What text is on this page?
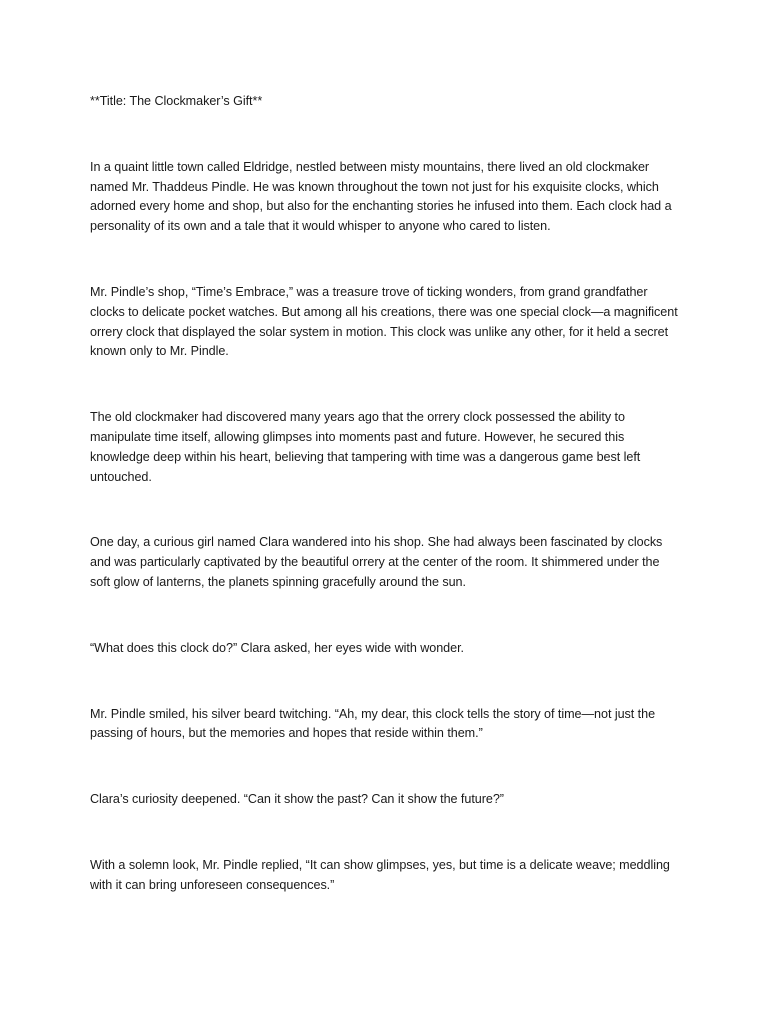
**Title: The Clockmaker’s Gift**

In a quaint little town called Eldridge, nestled between misty mountains, there lived an old clockmaker named Mr. Thaddeus Pindle. He was known throughout the town not just for his exquisite clocks, which adorned every home and shop, but also for the enchanting stories he infused into them. Each clock had a personality of its own and a tale that it would whisper to anyone who cared to listen.

Mr. Pindle’s shop, “Time’s Embrace,” was a treasure trove of ticking wonders, from grand grandfather clocks to delicate pocket watches. But among all his creations, there was one special clock—a magnificent orrery clock that displayed the solar system in motion. This clock was unlike any other, for it held a secret known only to Mr. Pindle.

The old clockmaker had discovered many years ago that the orrery clock possessed the ability to manipulate time itself, allowing glimpses into moments past and future. However, he secured this knowledge deep within his heart, believing that tampering with time was a dangerous game best left untouched.

One day, a curious girl named Clara wandered into his shop. She had always been fascinated by clocks and was particularly captivated by the beautiful orrery at the center of the room. It shimmered under the soft glow of lanterns, the planets spinning gracefully around the sun.

“What does this clock do?” Clara asked, her eyes wide with wonder.

Mr. Pindle smiled, his silver beard twitching. “Ah, my dear, this clock tells the story of time—not just the passing of hours, but the memories and hopes that reside within them.”

Clara’s curiosity deepened. “Can it show the past? Can it show the future?”

With a solemn look, Mr. Pindle replied, “It can show glimpses, yes, but time is a delicate weave; meddling with it can bring unforeseen consequences.”
